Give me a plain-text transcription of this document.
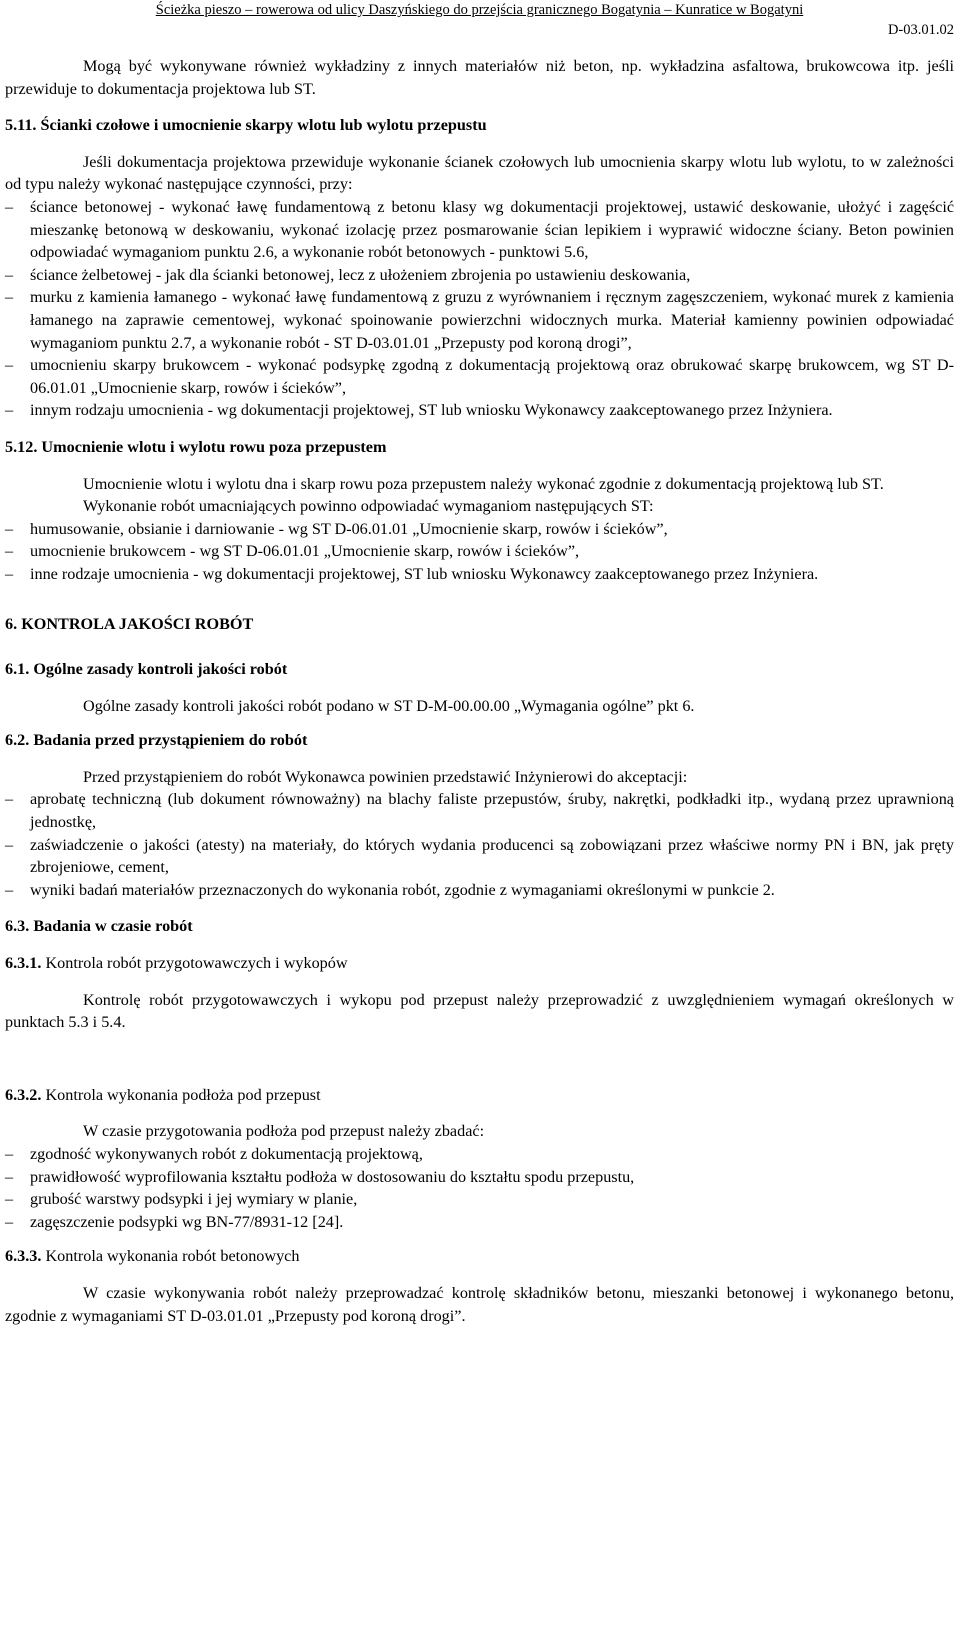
Ścieżka pieszo – rowerowa od ulicy Daszyńskiego do przejścia granicznego Bogatynia – Kunratice w Bogatyni
D-03.01.02

Mogą być wykonywane również wykładziny z innych materiałów niż beton, np. wykładzina asfaltowa, brukowcowa itp. jeśli przewiduje to dokumentacja projektowa lub ST.

5.11. Ścianki czołowe i umocnienie skarpy wlotu lub wylotu przepustu

Jeśli dokumentacja projektowa przewiduje wykonanie ścianek czołowych lub umocnienia skarpy wlotu lub wylotu, to w zależności od typu należy wykonać następujące czynności, przy:

– ściance betonowej - wykonać ławę fundamentową z betonu klasy wg dokumentacji projektowej, ustawić deskowanie, ułożyć i zagęścić mieszankę betonową w deskowaniu, wykonać izolację przez posmarowanie ścian lepikiem i wyprawić widoczne ściany. Beton powinien odpowiadać wymaganiom punktu 2.6, a wykonanie robót betonowych - punktowi 5.6,
– ściance żelbetowej - jak dla ścianki betonowej, lecz z ułożeniem zbrojenia po ustawieniu deskowania,
– murku z kamienia łamanego - wykonać ławę fundamentową z gruzu z wyrównaniem i ręcznym zagęszczeniem, wykonać murek z kamienia łamanego na zaprawie cementowej, wykonać spoinowanie powierzchni widocznych murka. Materiał kamienny powinien odpowiadać wymaganiom punktu 2.7, a wykonanie robót - ST D-03.01.01 „Przepusty pod koroną drogi”,
– umocnieniu skarpy brukowcem - wykonać podsypkę zgodną z dokumentacją projektową oraz obrukować skarpę brukowcem, wg ST D-06.01.01 „Umocnienie skarp, rowów i ścieków”,
– innym rodzaju umocnienia - wg dokumentacji projektowej, ST lub wniosku Wykonawcy zaakceptowanego przez Inżyniera.
5.12. Umocnienie wlotu i wylotu rowu poza przepustem

Umocnienie wlotu i wylotu dna i skarp rowu poza przepustem należy wykonać zgodnie z dokumentacją projektową lub ST.

Wykonanie robót umacniających powinno odpowiadać wymaganiom następujących ST:

– humusowanie, obsianie i darniowanie - wg ST D-06.01.01 „Umocnienie skarp, rowów i ścieków”,
– umocnienie brukowcem - wg ST D-06.01.01 „Umocnienie skarp, rowów i ścieków”,
– inne rodzaje umocnienia - wg dokumentacji projektowej, ST lub wniosku Wykonawcy zaakceptowanego przez Inżyniera.
6. KONTROLA JAKOŚCI ROBÓT
6.1. Ogólne zasady kontroli jakości robót

Ogólne zasady kontroli jakości robót podano w ST D-M-00.00.00 „Wymagania ogólne” pkt 6.

6.2. Badania przed przystąpieniem do robót

Przed przystąpieniem do robót Wykonawca powinien przedstawić Inżynierowi do akceptacji:

– aprobatę techniczną (lub dokument równoważny) na blachy faliste przepustów, śruby, nakrętki, podkładki itp., wydaną przez uprawnioną jednostkę,
– zaświadczenie o jakości (atesty) na materiały, do których wydania producenci są zobowiązani przez właściwe normy PN i BN, jak pręty zbrojeniowe, cement,
– wyniki badań materiałów przeznaczonych do wykonania robót, zgodnie z wymaganiami określonymi w punkcie 2.
6.3. Badania w czasie robót
6.3.1. Kontrola robót przygotowawczych i wykopów

Kontrolę robót przygotowawczych i wykopu pod przepust należy przeprowadzić z uwzględnieniem wymagań określonych w punktach 5.3 i 5.4.

6.3.2. Kontrola wykonania podłoża pod przepust

W czasie przygotowania podłoża pod przepust należy zbadać:

– zgodność wykonywanych robót z dokumentacją projektową,
– prawidłowość wyprofilowania kształtu podłoża w dostosowaniu do kształtu spodu przepustu,
– grubość warstwy podsypki i jej wymiary w planie,
– zagęszczenie podsypki wg BN-77/8931-12 [24].
6.3.3. Kontrola wykonania robót betonowych

W czasie wykonywania robót należy przeprowadzać kontrolę składników betonu, mieszanki betonowej i wykonanego betonu, zgodnie z wymaganiami ST D-03.01.01 „Przepusty pod koroną drogi”.
